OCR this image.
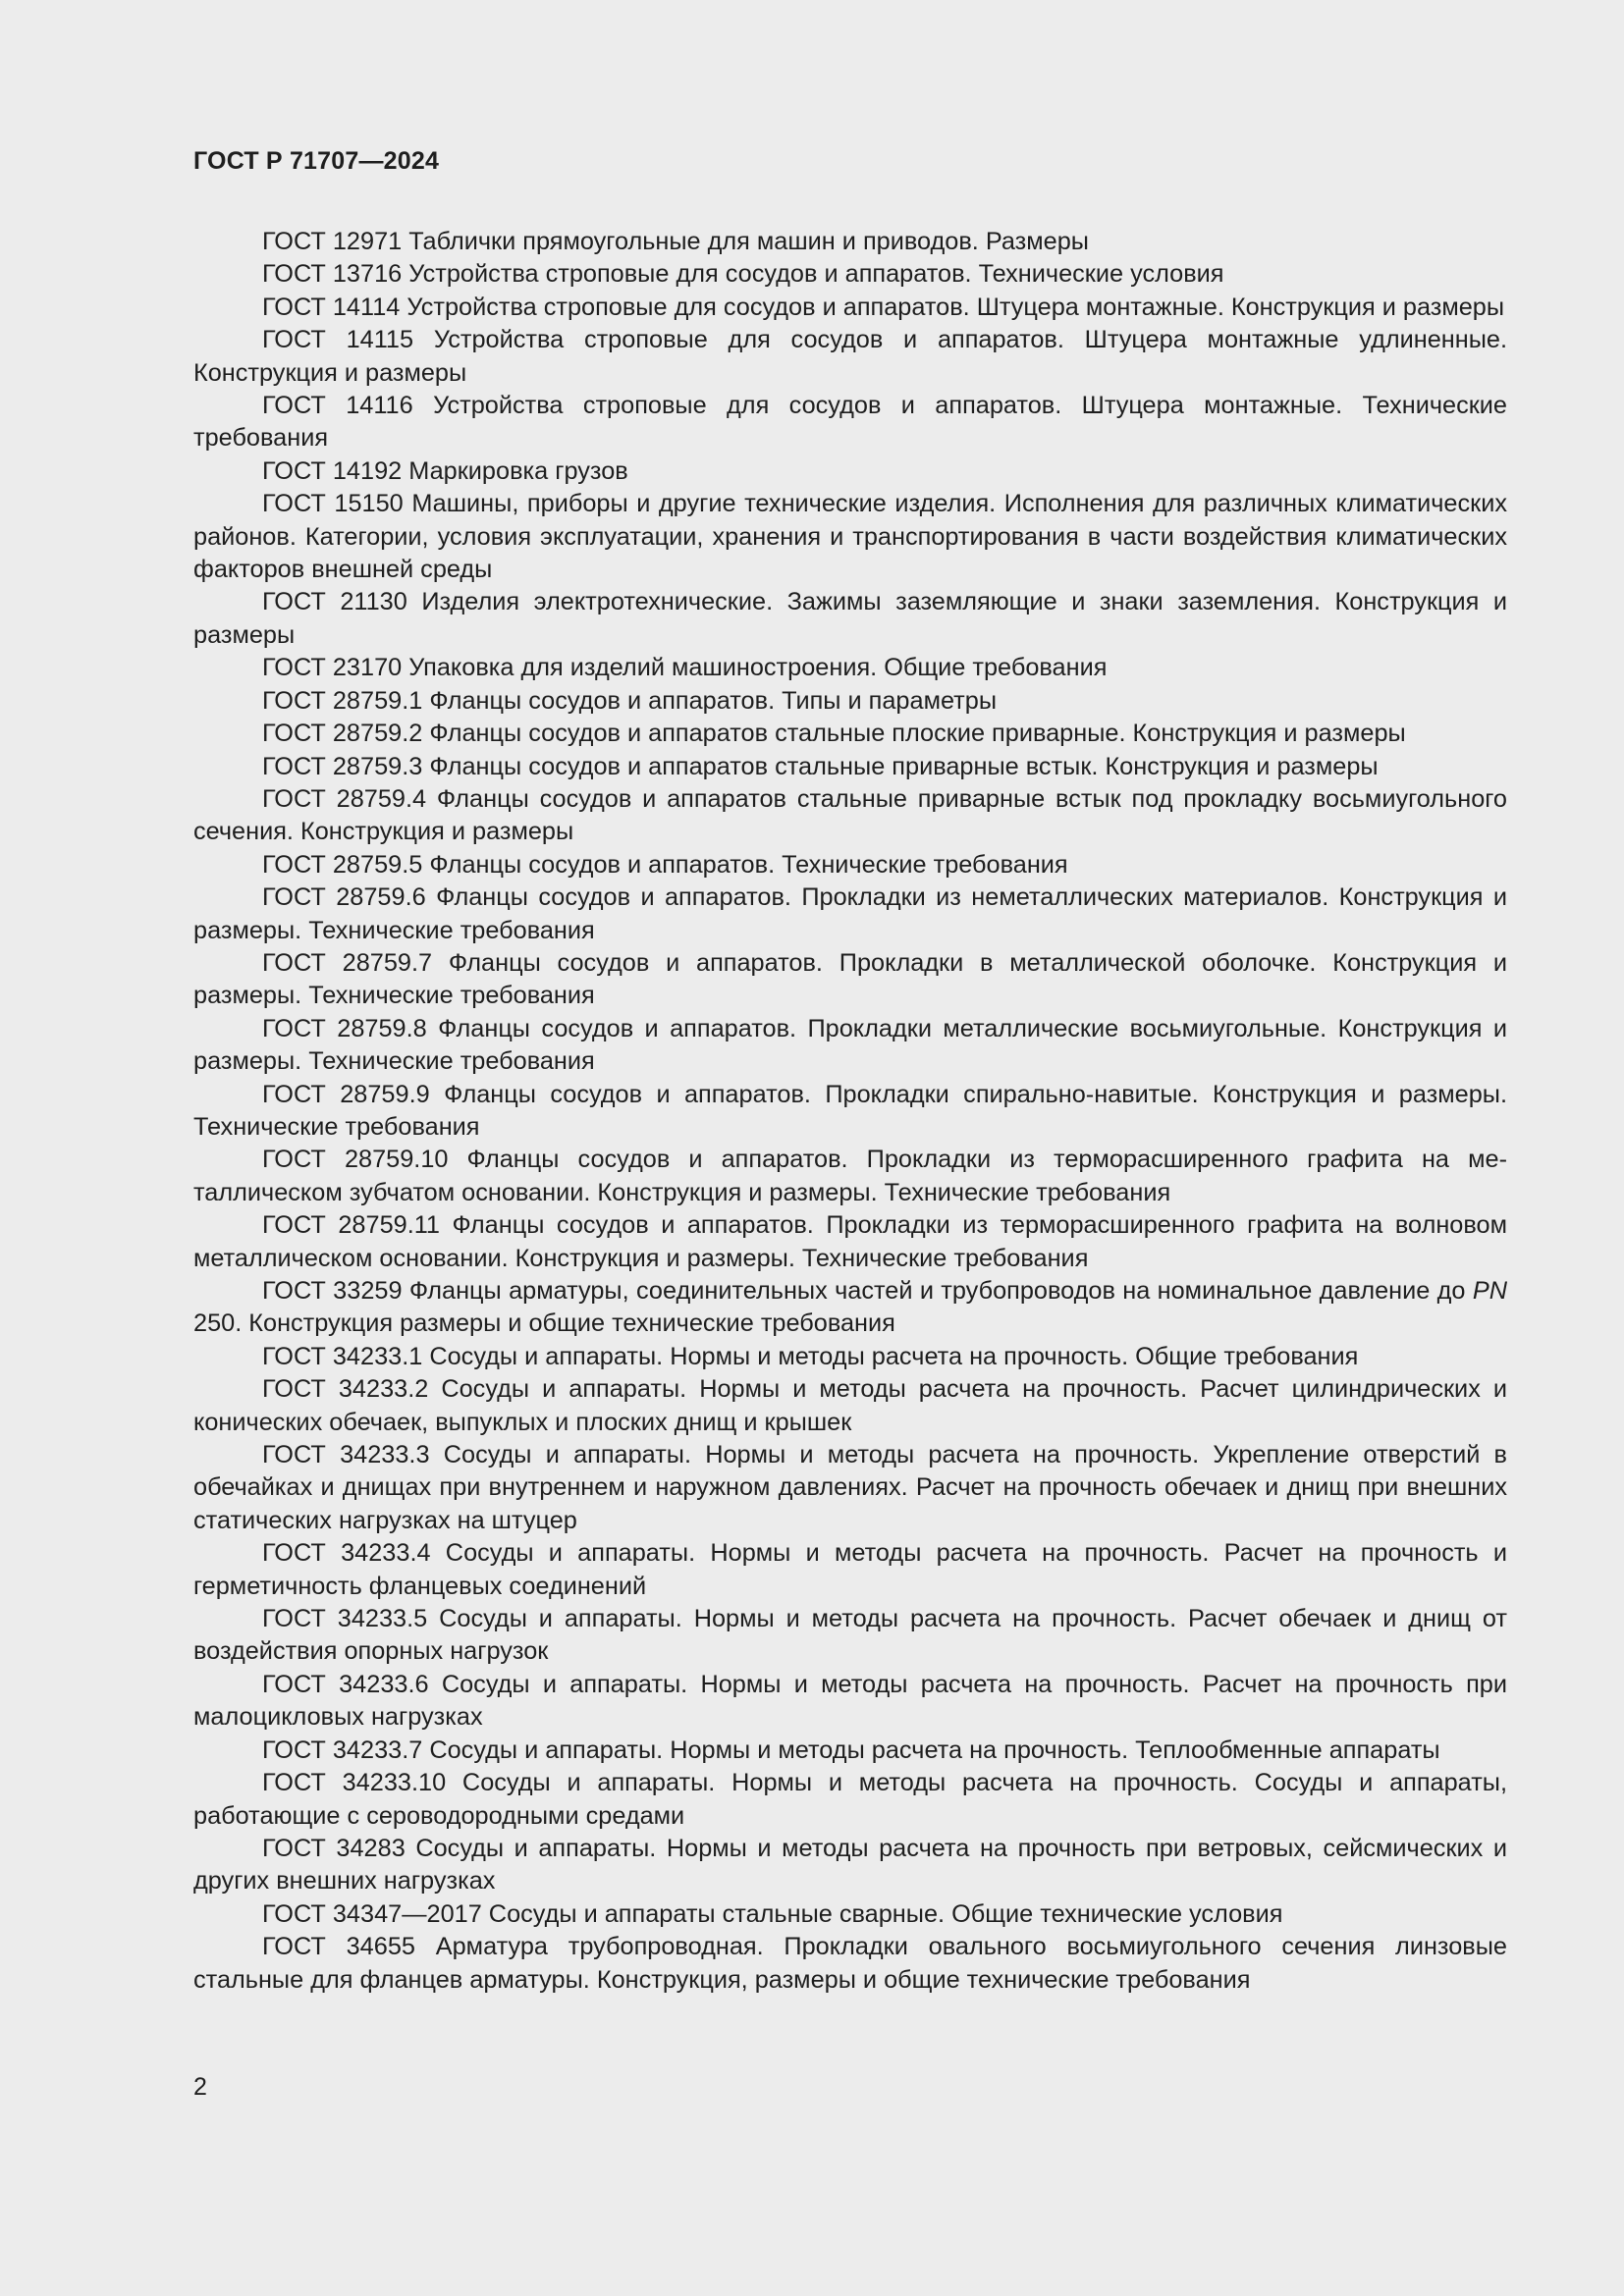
ГОСТ Р 71707—2024
ГОСТ 12971 Таблички прямоугольные для машин и приводов. Размеры
ГОСТ 13716 Устройства строповые для сосудов и аппаратов. Технические условия
ГОСТ 14114 Устройства строповые для сосудов и аппаратов. Штуцера монтажные. Конструкция и размеры
ГОСТ 14115 Устройства строповые для сосудов и аппаратов. Штуцера монтажные удлиненные. Конструкция и размеры
ГОСТ 14116 Устройства строповые для сосудов и аппаратов. Штуцера монтажные. Технические требования
ГОСТ 14192 Маркировка грузов
ГОСТ 15150 Машины, приборы и другие технические изделия. Исполнения для различных климатических районов. Категории, условия эксплуатации, хранения и транспортирования в части воздействия климатических факторов внешней среды
ГОСТ 21130 Изделия электротехнические. Зажимы заземляющие и знаки заземления. Конструкция и размеры
ГОСТ 23170 Упаковка для изделий машиностроения. Общие требования
ГОСТ 28759.1 Фланцы сосудов и аппаратов. Типы и параметры
ГОСТ 28759.2 Фланцы сосудов и аппаратов стальные плоские приварные. Конструкция и размеры
ГОСТ 28759.3 Фланцы сосудов и аппаратов стальные приварные встык. Конструкция и размеры
ГОСТ 28759.4 Фланцы сосудов и аппаратов стальные приварные встык под прокладку восьмиугольного сечения. Конструкция и размеры
ГОСТ 28759.5 Фланцы сосудов и аппаратов. Технические требования
ГОСТ 28759.6 Фланцы сосудов и аппаратов. Прокладки из неметаллических материалов. Конструкция и размеры. Технические требования
ГОСТ 28759.7 Фланцы сосудов и аппаратов. Прокладки в металлической оболочке. Конструкция и размеры. Технические требования
ГОСТ 28759.8 Фланцы сосудов и аппаратов. Прокладки металлические восьмиугольные. Конструкция и размеры. Технические требования
ГОСТ 28759.9 Фланцы сосудов и аппаратов. Прокладки спирально-навитые. Конструкция и размеры. Технические требования
ГОСТ 28759.10 Фланцы сосудов и аппаратов. Прокладки из терморасширенного графита на металлическом зубчатом основании. Конструкция и размеры. Технические требования
ГОСТ 28759.11 Фланцы сосудов и аппаратов. Прокладки из терморасширенного графита на волновом металлическом основании. Конструкция и размеры. Технические требования
ГОСТ 33259 Фланцы арматуры, соединительных частей и трубопроводов на номинальное давление до PN 250. Конструкция размеры и общие технические требования
ГОСТ 34233.1 Сосуды и аппараты. Нормы и методы расчета на прочность. Общие требования
ГОСТ 34233.2 Сосуды и аппараты. Нормы и методы расчета на прочность. Расчет цилиндрических и конических обечаек, выпуклых и плоских днищ и крышек
ГОСТ 34233.3 Сосуды и аппараты. Нормы и методы расчета на прочность. Укрепление отверстий в обечайках и днищах при внутреннем и наружном давлениях. Расчет на прочность обечаек и днищ при внешних статических нагрузках на штуцер
ГОСТ 34233.4 Сосуды и аппараты. Нормы и методы расчета на прочность. Расчет на прочность и герметичность фланцевых соединений
ГОСТ 34233.5 Сосуды и аппараты. Нормы и методы расчета на прочность. Расчет обечаек и днищ от воздействия опорных нагрузок
ГОСТ 34233.6 Сосуды и аппараты. Нормы и методы расчета на прочность. Расчет на прочность при малоцикловых нагрузках
ГОСТ 34233.7 Сосуды и аппараты. Нормы и методы расчета на прочность. Теплообменные аппараты
ГОСТ 34233.10 Сосуды и аппараты. Нормы и методы расчета на прочность. Сосуды и аппараты, работающие с сероводородными средами
ГОСТ 34283 Сосуды и аппараты. Нормы и методы расчета на прочность при ветровых, сейсмических и других внешних нагрузках
ГОСТ 34347—2017 Сосуды и аппараты стальные сварные. Общие технические условия
ГОСТ 34655 Арматура трубопроводная. Прокладки овального восьмиугольного сечения линзовые стальные для фланцев арматуры. Конструкция, размеры и общие технические требования
2
